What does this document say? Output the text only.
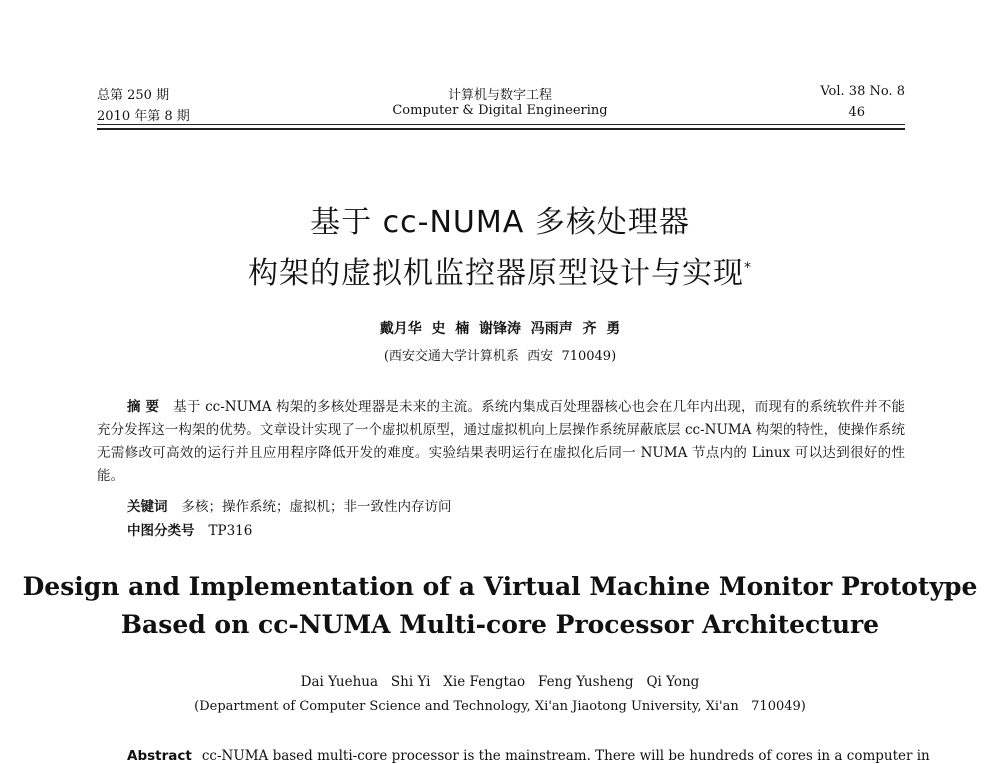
总第 250 期
2010 年第 8 期
计算机与数字工程
Computer & Digital Engineering
Vol. 38 No. 8
46
基于 cc-NUMA 多核处理器
构架的虚拟机监控器原型设计与实现*
戴月华  史  楠  谢锋涛  冯雨声  齐  勇
(西安交通大学计算机系  西安  710049)
摘 要 基于 cc-NUMA 构架的多核处理器是未来的主流。系统内集成百处理器核心也会在几年内出现，而现有的系统软件并不能充分发挥这一构架的优势。文章设计实现了一个虚拟机原型，通过虚拟机向上层操作系统屏蔽底层 cc-NUMA 构架的特性，使操作系统无需修改可高效的运行并且应用程序降低开发的难度。实验结果表明运行在虚拟化后同一 NUMA 节点内的 Linux 可以达到很好的性能。
关键词 多核；操作系统；虚拟机；非一致性内存访问
中图分类号 TP316
Design and Implementation of a Virtual Machine Monitor Prototype
Based on cc-NUMA Multi-core Processor Architecture
Dai Yuehua   Shi Yi   Xie Fengtao   Feng Yusheng   Qi Yong
(Department of Computer Science and Technology, Xi'an Jiaotong University, Xi'an   710049)
Abstract cc-NUMA based multi-core processor is the mainstream. There will be hundreds of cores in a computer in
